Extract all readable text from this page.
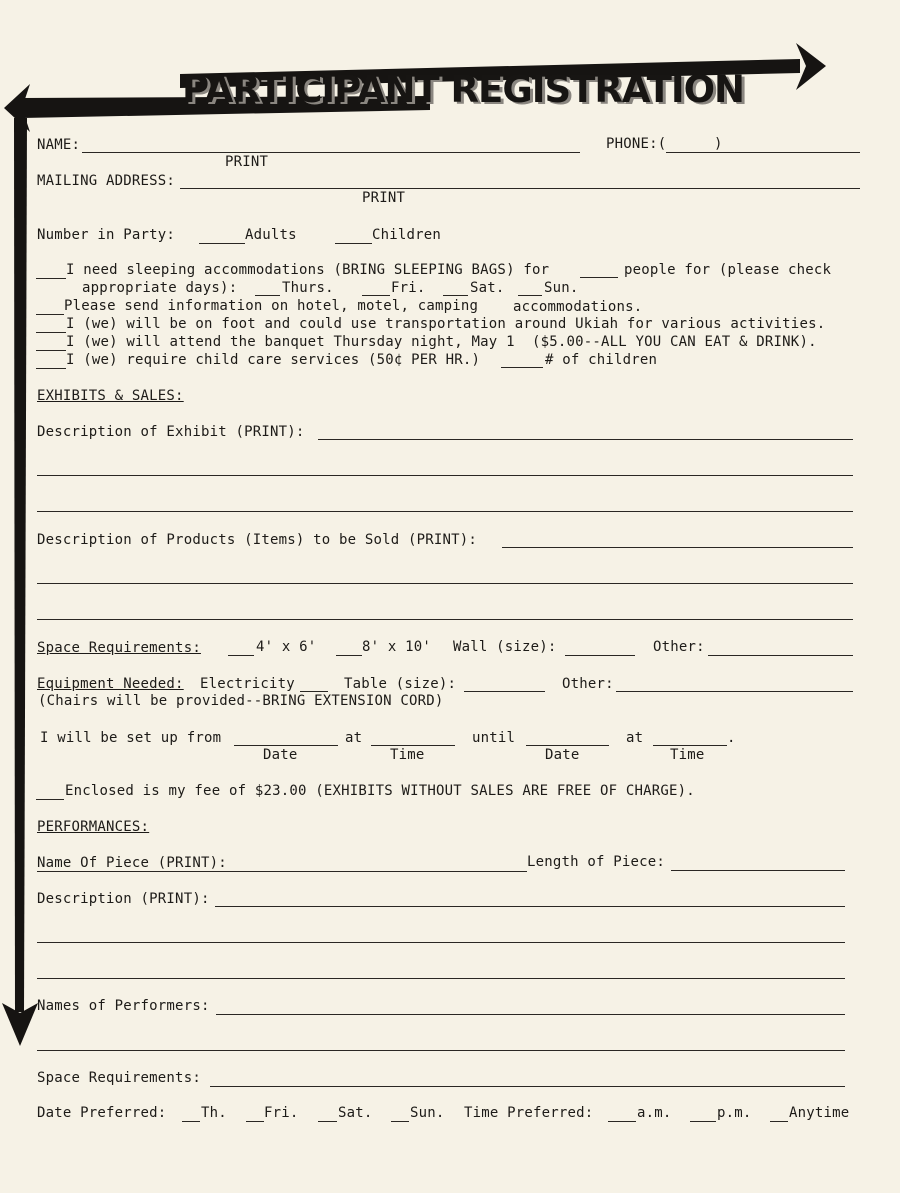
PARTICIPANT REGISTRATION
NAME:
PRINT
PHONE:(	)
MAILING ADDRESS:
PRINT
Number in Party:	Adults	Children
I need sleeping accommodations (BRING SLEEPING BAGS) for	people for (please check
appropriate days):	Thurs.	Fri.	Sat.	Sun.
Please send information on hotel, motel, camping accommodations.
I (we) will be on foot and could use transportation around Ukiah for various activities.
I (we) will attend the banquet Thursday night, May 1  ($5.00--ALL YOU CAN EAT & DRINK).
I (we) require child care services (50¢ PER HR.)	# of children
EXHIBITS & SALES:
Description of Exhibit (PRINT):
Description of Products (Items) to be Sold (PRINT):
Space Requirements:	4' x 6'	8' x 10' Wall (size):	Other:
Equipment Needed: Electricity	Table (size):	Other:
(Chairs will be provided--BRING EXTENSION CORD)
I will be set up from
Date
at
Time
until
Date
at	.
Time
Enclosed is my fee of $23.00 (EXHIBITS WITHOUT SALES ARE FREE OF CHARGE).
PERFORMANCES:
Name Of Piece (PRINT):	Length of Piece:
Description (PRINT):
Names of Performers:
Space Requirements:
Date Preferred: Th.	Fri.	Sat.	Sun. Time Preferred:	a.m.	p.m.	Anytime
